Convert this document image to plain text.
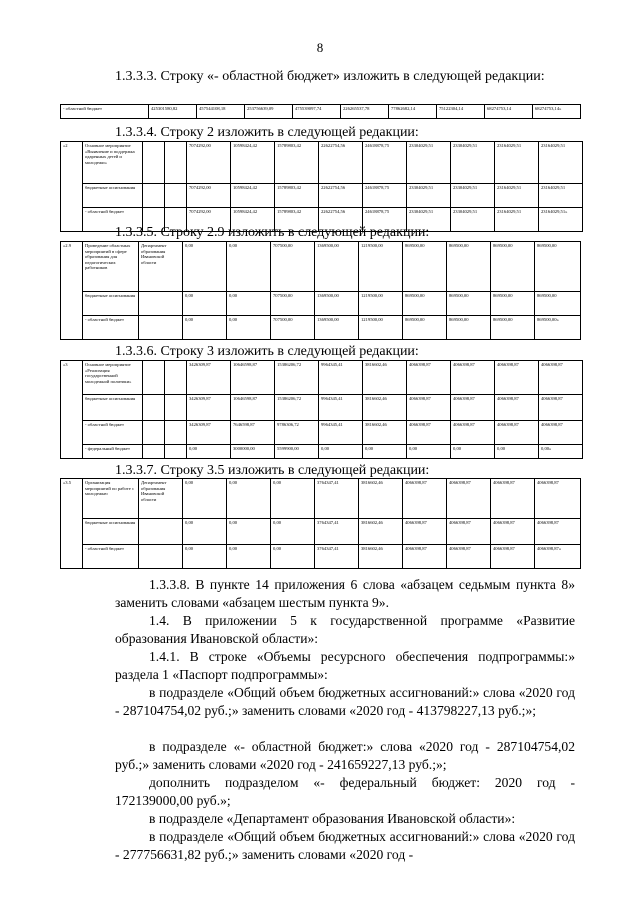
8
1.3.3.3. Строку «- областной бюджет» изложить в следующей редакции:
- областной бюджет	425301580,82	457544108,18	253756639,09	475539097,74	226265537,78	77862682,14	75122304,14	68274753,14	68274753,14»
1.3.3.4. Строку 2 изложить в следующей редакции:
«2	Основное мероприятие «Выявление и поддержка одаренных детей и молодежи»			7074292,00	10598424,42	15789803,42	22622754,56	24618878,75	23304029,51	23304029,51	23164029,51	23164029,51
	бюджетные ассигнования			7074292,00	10598424,42	15789803,42	22622754,56	24618878,75	23304029,51	23304029,51	23164029,51	23164029,51
	- областной бюджет			7074292,00	10598424,42	15789803,42	22622754,56	24618878,75	23304029,51	23304029,51	23164029,51	23164029,51»
1.3.3.5. Строку 2.9 изложить в следующей редакции:
«2.9	Проведение областных мероприятий в сфере образования для педагогических работников	Департамент образования Ивановской области	0,00	0,00	707500,00	1369500,00	1219500,00	869500,00	869500,00	869500,00	869500,00
	бюджетные ассигнования		0,00	0,00	707500,00	1369500,00	1219500,00	869500,00	869500,00	869500,00	869500,00
	- областной бюджет		0,00	0,00	707500,00	1369500,00	1219500,00	869500,00	869500,00	869500,00	869500,00»
1.3.3.6. Строку 3 изложить в следующей редакции:
«3	Основное мероприятие «Реализация государственной молодежной политики»			3426309,87	10646598,87	15386206,72	9964345,41	3816602,46	4066398,87	4066398,87	4066398,87	4066398,87
	бюджетные ассигнования			3426309,87	10646598,87	15386206,72	9964345,41	3816602,46	4066398,87	4066398,87	4066398,87	4066398,87
	- областной бюджет			3426309,87	7646598,87	9786306,72	9964345,41	3816602,46	4066398,87	4066398,87	4066398,87	4066398,87
	- федеральный бюджет			0,00	3000000,00	5599900,00	0,00	0,00	0,00	0,00	0,00	0,00»
1.3.3.7. Строку 3.5 изложить в следующей редакции:
«3.5	Организация мероприятий по работе с молодежью	Департамент образования Ивановской области	0,00	0,00	0,00	3764347,41	3816602,46	4066398,87	4066398,87	4066398,87	4066398,87
	бюджетные ассигнования		0,00	0,00	0,00	3764347,41	3816602,46	4066398,87	4066398,87	4066398,87	4066398,87
	- областной бюджет		0,00	0,00	0,00	3764347,41	3816602,46	4066398,87	4066398,87	4066398,87	4066398,87»
1.3.3.8. В пункте 14 приложения 6 слова «абзацем седьмым пункта 8» заменить словами «абзацем шестым пункта 9».
1.4. В приложении 5 к государственной программе «Развитие образования Ивановской области»:
1.4.1. В строке «Объемы ресурсного обеспечения подпрограммы:» раздела 1 «Паспорт подпрограммы»:
в подразделе «Общий объем бюджетных ассигнований:» слова «2020 год - 287104754,02 руб.;» заменить словами «2020 год - 413798227,13 руб.;»;
в подразделе «- областной бюджет:» слова «2020 год - 287104754,02 руб.;» заменить словами «2020 год - 241659227,13 руб.;»;
дополнить подразделом «- федеральный бюджет: 2020 год - 172139000,00 руб.»;
в подразделе «Департамент образования Ивановской области»:
в подразделе «Общий объем бюджетных ассигнований:» слова «2020 год - 277756631,82 руб.;» заменить словами «2020 год -
